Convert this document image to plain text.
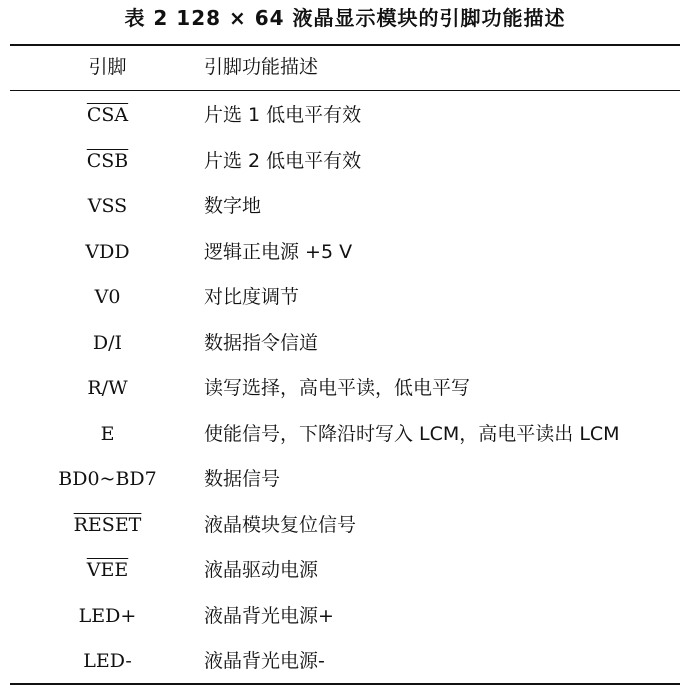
表 2 128 × 64 液晶显示模块的引脚功能描述
引脚	引脚功能描述
$\overline{CSA}$	片选 1 低电平有效
$\overline{CSB}$	片选 2 低电平有效
VSS	数字地
VDD	逻辑正电源 +5 V
V0	对比度调节
D/I	数据指令信道
R/W	读写选择，高电平读，低电平写
E	使能信号，下降沿时写入 LCM，高电平读出 LCM
BD0~BD7	数据信号
RESET	液晶模块复位信号
$\overline{VEE}$	液晶驱动电源
LED+	液晶背光电源+
LED-	液晶背光电源-
